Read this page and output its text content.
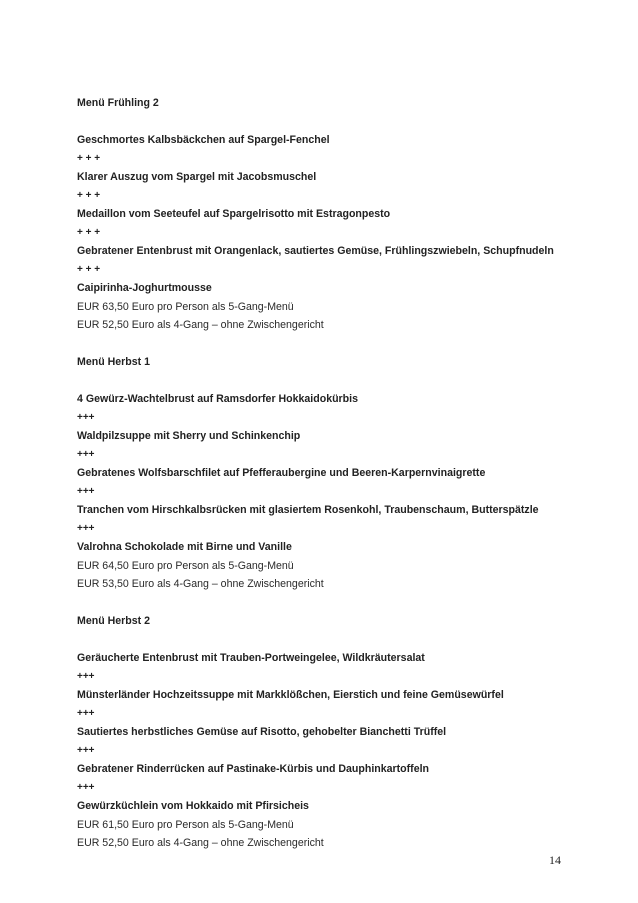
Menü Frühling 2
Geschmortes Kalbsbäckchen auf Spargel-Fenchel
+ + +
Klarer Auszug vom Spargel mit Jacobsmuschel
+ + +
Medaillon vom Seeteufel auf Spargelrisotto mit Estragonpesto
+ + +
Gebratener Entenbrust mit Orangenlack, sautiertes Gemüse, Frühlingszwiebeln, Schupfnudeln
+ + +
Caipirinha-Joghurtmousse
EUR 63,50 Euro pro Person als 5-Gang-Menü
EUR 52,50 Euro als 4-Gang – ohne Zwischengericht
Menü Herbst 1
4 Gewürz-Wachtelbrust auf Ramsdorfer Hokkaidokürbis
+++
Waldpilzsuppe mit Sherry und Schinkenchip
+++
Gebratenes Wolfsbarschfilet auf Pfefferaubergine und Beeren-Karpernvinaigrette
+++
Tranchen vom Hirschkalbsrücken mit glasiertem Rosenkohl, Traubenschaum, Butterspätzle
+++
Valrohna Schokolade mit Birne und Vanille
EUR 64,50 Euro pro Person als 5-Gang-Menü
EUR 53,50 Euro als 4-Gang – ohne Zwischengericht
Menü Herbst 2
Geräucherte Entenbrust mit Trauben-Portweingelee, Wildkräutersalat
+++
Münsterländer Hochzeitssuppe mit Markklößchen, Eierstich und feine Gemüsewürfel
+++
Sautiertes herbstliches Gemüse auf Risotto, gehobelter Bianchetti Trüffel
+++
Gebratener Rinderrücken auf Pastinake-Kürbis und Dauphinkartoffeln
+++
Gewürzküchlein vom Hokkaido mit Pfirsicheis
EUR 61,50 Euro pro Person als 5-Gang-Menü
EUR 52,50 Euro als 4-Gang – ohne Zwischengericht
14
